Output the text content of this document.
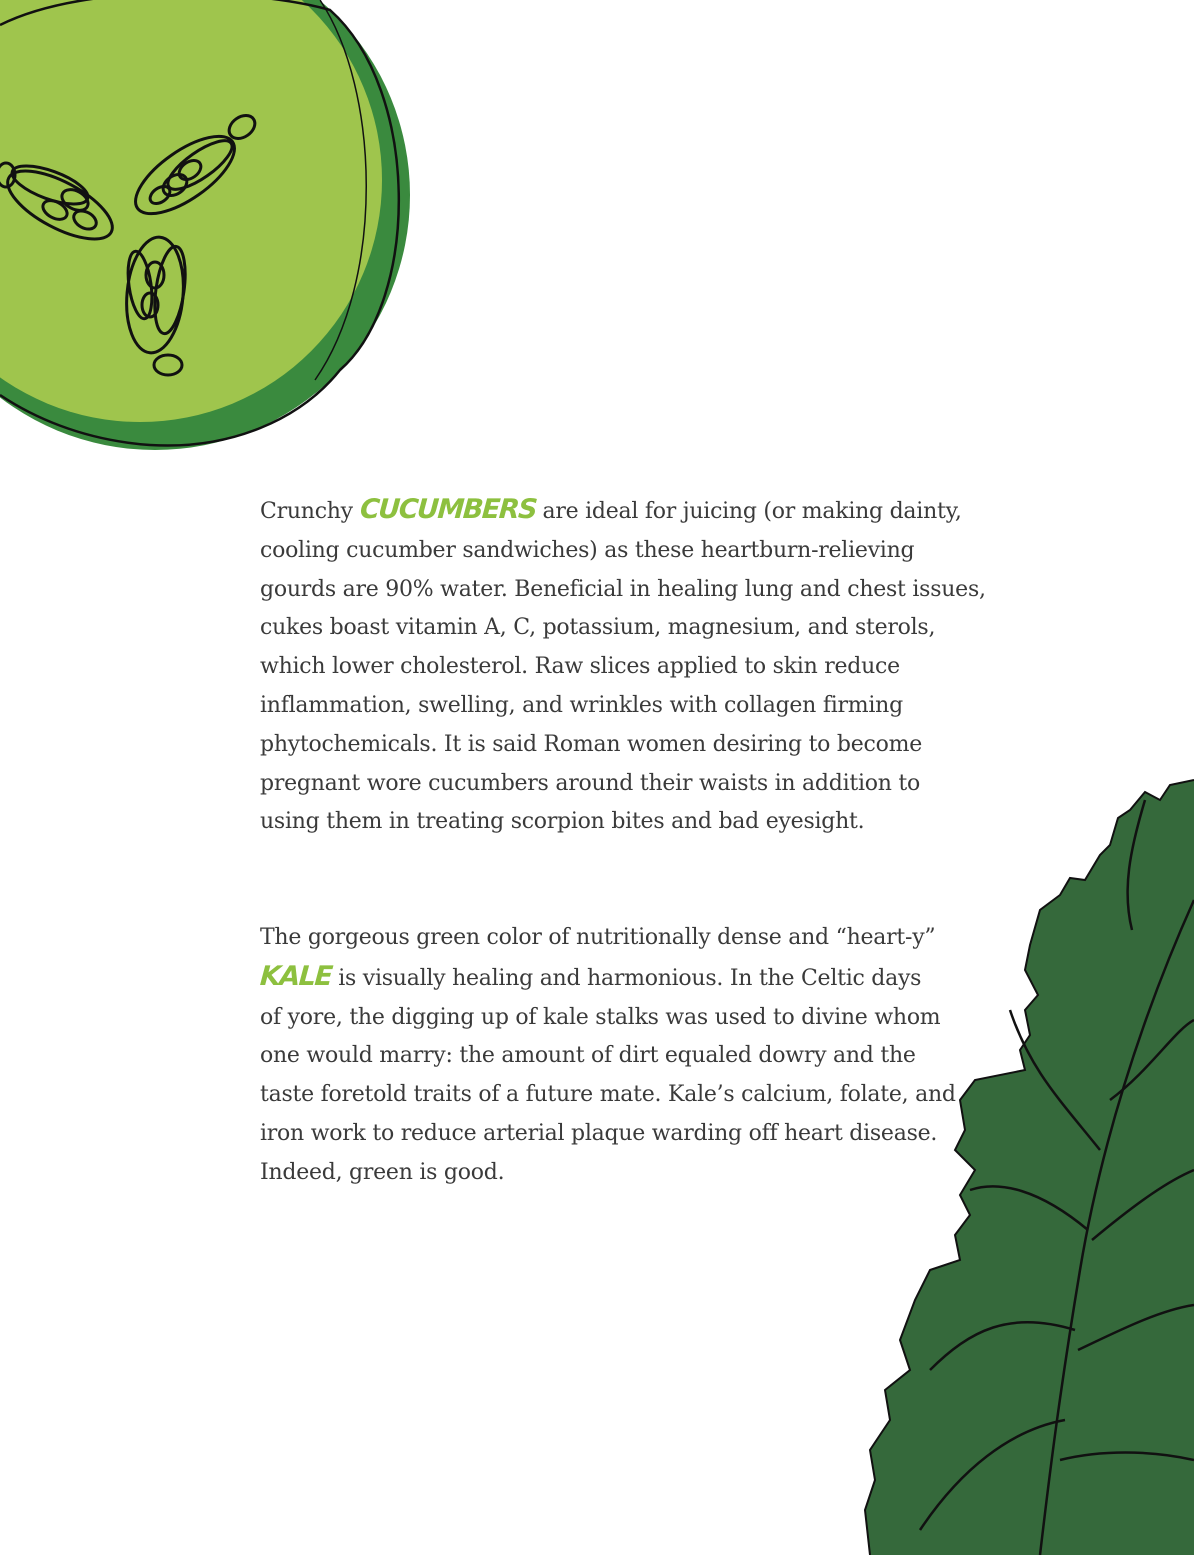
Crunchy CUCUMBERS are ideal for juicing (or making dainty,
cooling cucumber sandwiches) as these heartburn-relieving
gourds are 90% water. Beneficial in healing lung and chest issues,
cukes boast vitamin A, C, potassium, magnesium, and sterols,
which lower cholesterol. Raw slices applied to skin reduce
inflammation, swelling, and wrinkles with collagen firming
phytochemicals. It is said Roman women desiring to become
pregnant wore cucumbers around their waists in addition to
using them in treating scorpion bites and bad eyesight.
The gorgeous green color of nutritionally dense and “heart-y”
KALE is visually healing and harmonious. In the Celtic days
of yore, the digging up of kale stalks was used to divine whom
one would marry: the amount of dirt equaled dowry and the
taste foretold traits of a future mate. Kale’s calcium, folate, and
iron work to reduce arterial plaque warding off heart disease.
Indeed, green is good.
